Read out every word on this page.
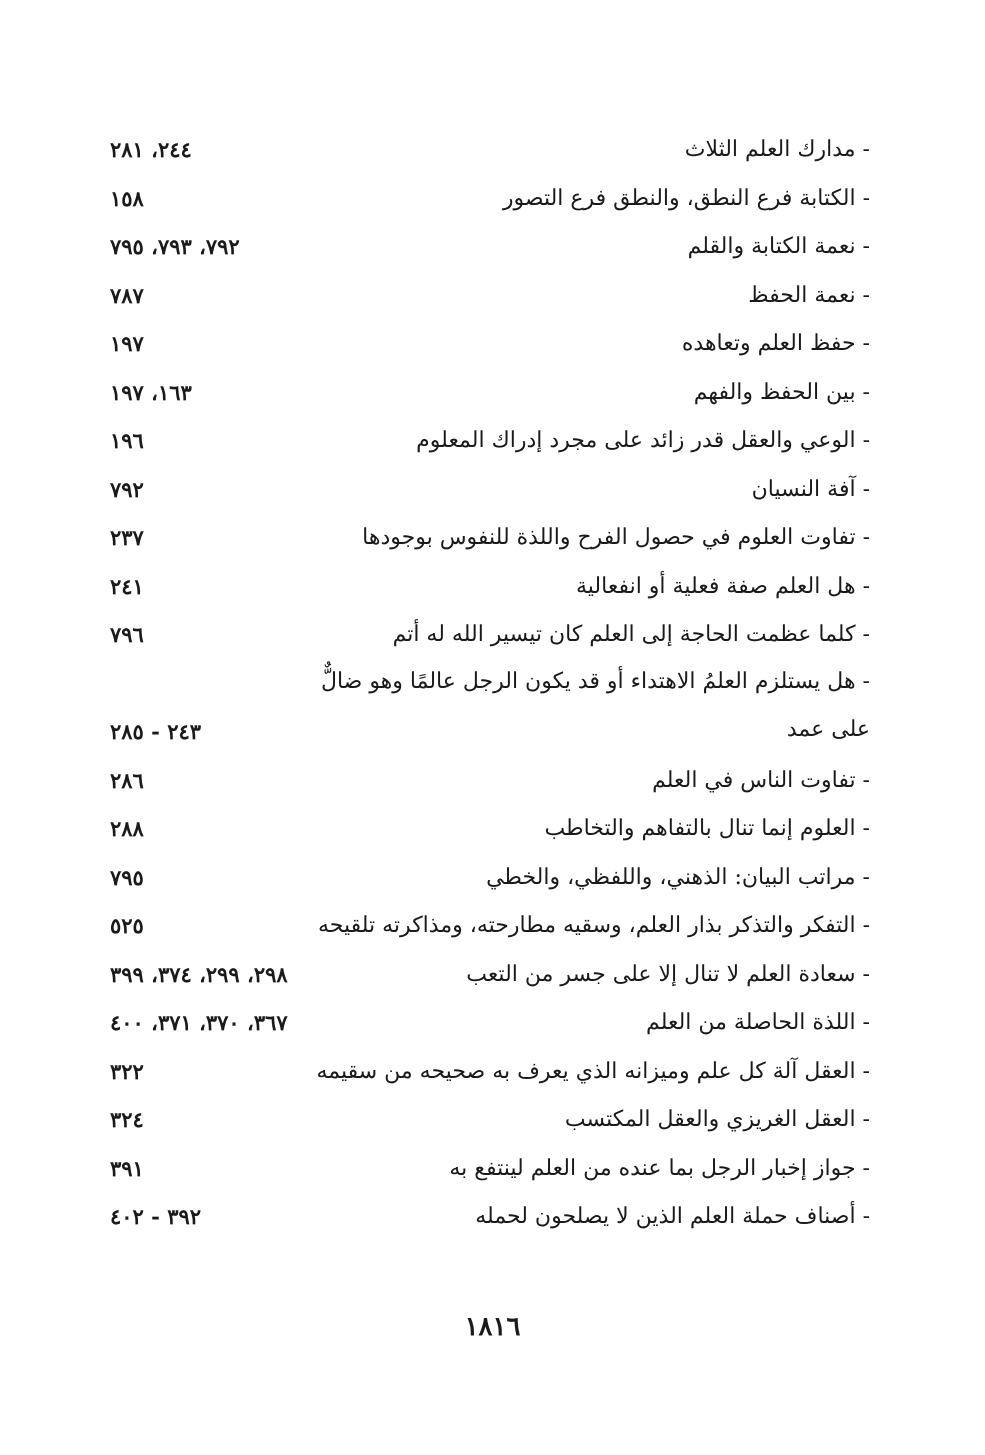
- مدارك العلم الثلاث
٢٤٤، ٢٨١
- الكتابة فرع النطق، والنطق فرع التصور
١٥٨
- نعمة الكتابة والقلم
٧٩٢، ٧٩٣، ٧٩٥
- نعمة الحفظ
٧٨٧
- حفظ العلم وتعاهده
١٩٧
- بين الحفظ والفهم
١٦٣، ١٩٧
- الوعي والعقل قدر زائد على مجرد إدراك المعلوم
١٩٦
- آفة النسيان
٧٩٢
- تفاوت العلوم في حصول الفرح واللذة للنفوس بوجودها
٢٣٧
- هل العلم صفة فعلية أو انفعالية
٢٤١
- كلما عظمت الحاجة إلى العلم كان تيسير الله له أتم
٧٩٦
- هل يستلزم العلمُ الاهتداء أو قد يكون الرجل عالمًا وهو ضالٌّ على عمد
٢٤٣ - ٢٨٥
- تفاوت الناس في العلم
٢٨٦
- العلوم إنما تنال بالتفاهم والتخاطب
٢٨٨
- مراتب البيان: الذهني، واللفظي، والخطي
٧٩٥
- التفكر والتذكر بذار العلم، وسقيه مطارحته، ومذاكرته تلقيحه
٥٢٥
- سعادة العلم لا تنال إلا على جسر من التعب
٢٩٨، ٢٩٩، ٣٧٤، ٣٩٩
- اللذة الحاصلة من العلم
٣٦٧، ٣٧٠، ٣٧١، ٤٠٠
- العقل آلة كل علم وميزانه الذي يعرف به صحيحه من سقيمه
٣٢٢
- العقل الغريزي والعقل المكتسب
٣٢٤
- جواز إخبار الرجل بما عنده من العلم لينتفع به
٣٩١
- أصناف حملة العلم الذين لا يصلحون لحمله
٣٩٢ - ٤٠٢
١٨١٦
